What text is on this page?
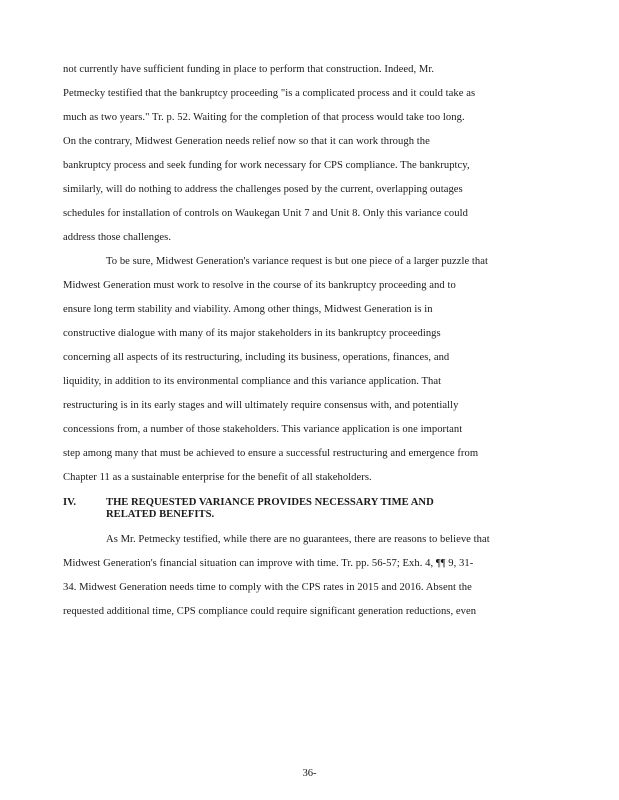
not currently have sufficient funding in place to perform that construction. Indeed, Mr.
Petmecky testified that the bankruptcy proceeding "is a complicated process and it could take as
much as two years." Tr. p. 52. Waiting for the completion of that process would take too long.
On the contrary, Midwest Generation needs relief now so that it can work through the
bankruptcy process and seek funding for work necessary for CPS compliance. The bankruptcy,
similarly, will do nothing to address the challenges posed by the current, overlapping outages
schedules for installation of controls on Waukegan Unit 7 and Unit 8. Only this variance could
address those challenges.
To be sure, Midwest Generation's variance request is but one piece of a larger puzzle that
Midwest Generation must work to resolve in the course of its bankruptcy proceeding and to
ensure long term stability and viability. Among other things, Midwest Generation is in
constructive dialogue with many of its major stakeholders in its bankruptcy proceedings
concerning all aspects of its restructuring, including its business, operations, finances, and
liquidity, in addition to its environmental compliance and this variance application. That
restructuring is in its early stages and will ultimately require consensus with, and potentially
concessions from, a number of those stakeholders. This variance application is one important
step among many that must be achieved to ensure a successful restructuring and emergence from
Chapter 11 as a sustainable enterprise for the benefit of all stakeholders.
IV.	THE REQUESTED VARIANCE PROVIDES NECESSARY TIME AND
RELATED BENEFITS.
As Mr. Petmecky testified, while there are no guarantees, there are reasons to believe that
Midwest Generation's financial situation can improve with time. Tr. pp. 56-57; Exh. 4, ¶¶ 9, 31-
34. Midwest Generation needs time to comply with the CPS rates in 2015 and 2016. Absent the
requested additional time, CPS compliance could require significant generation reductions, even
36-
